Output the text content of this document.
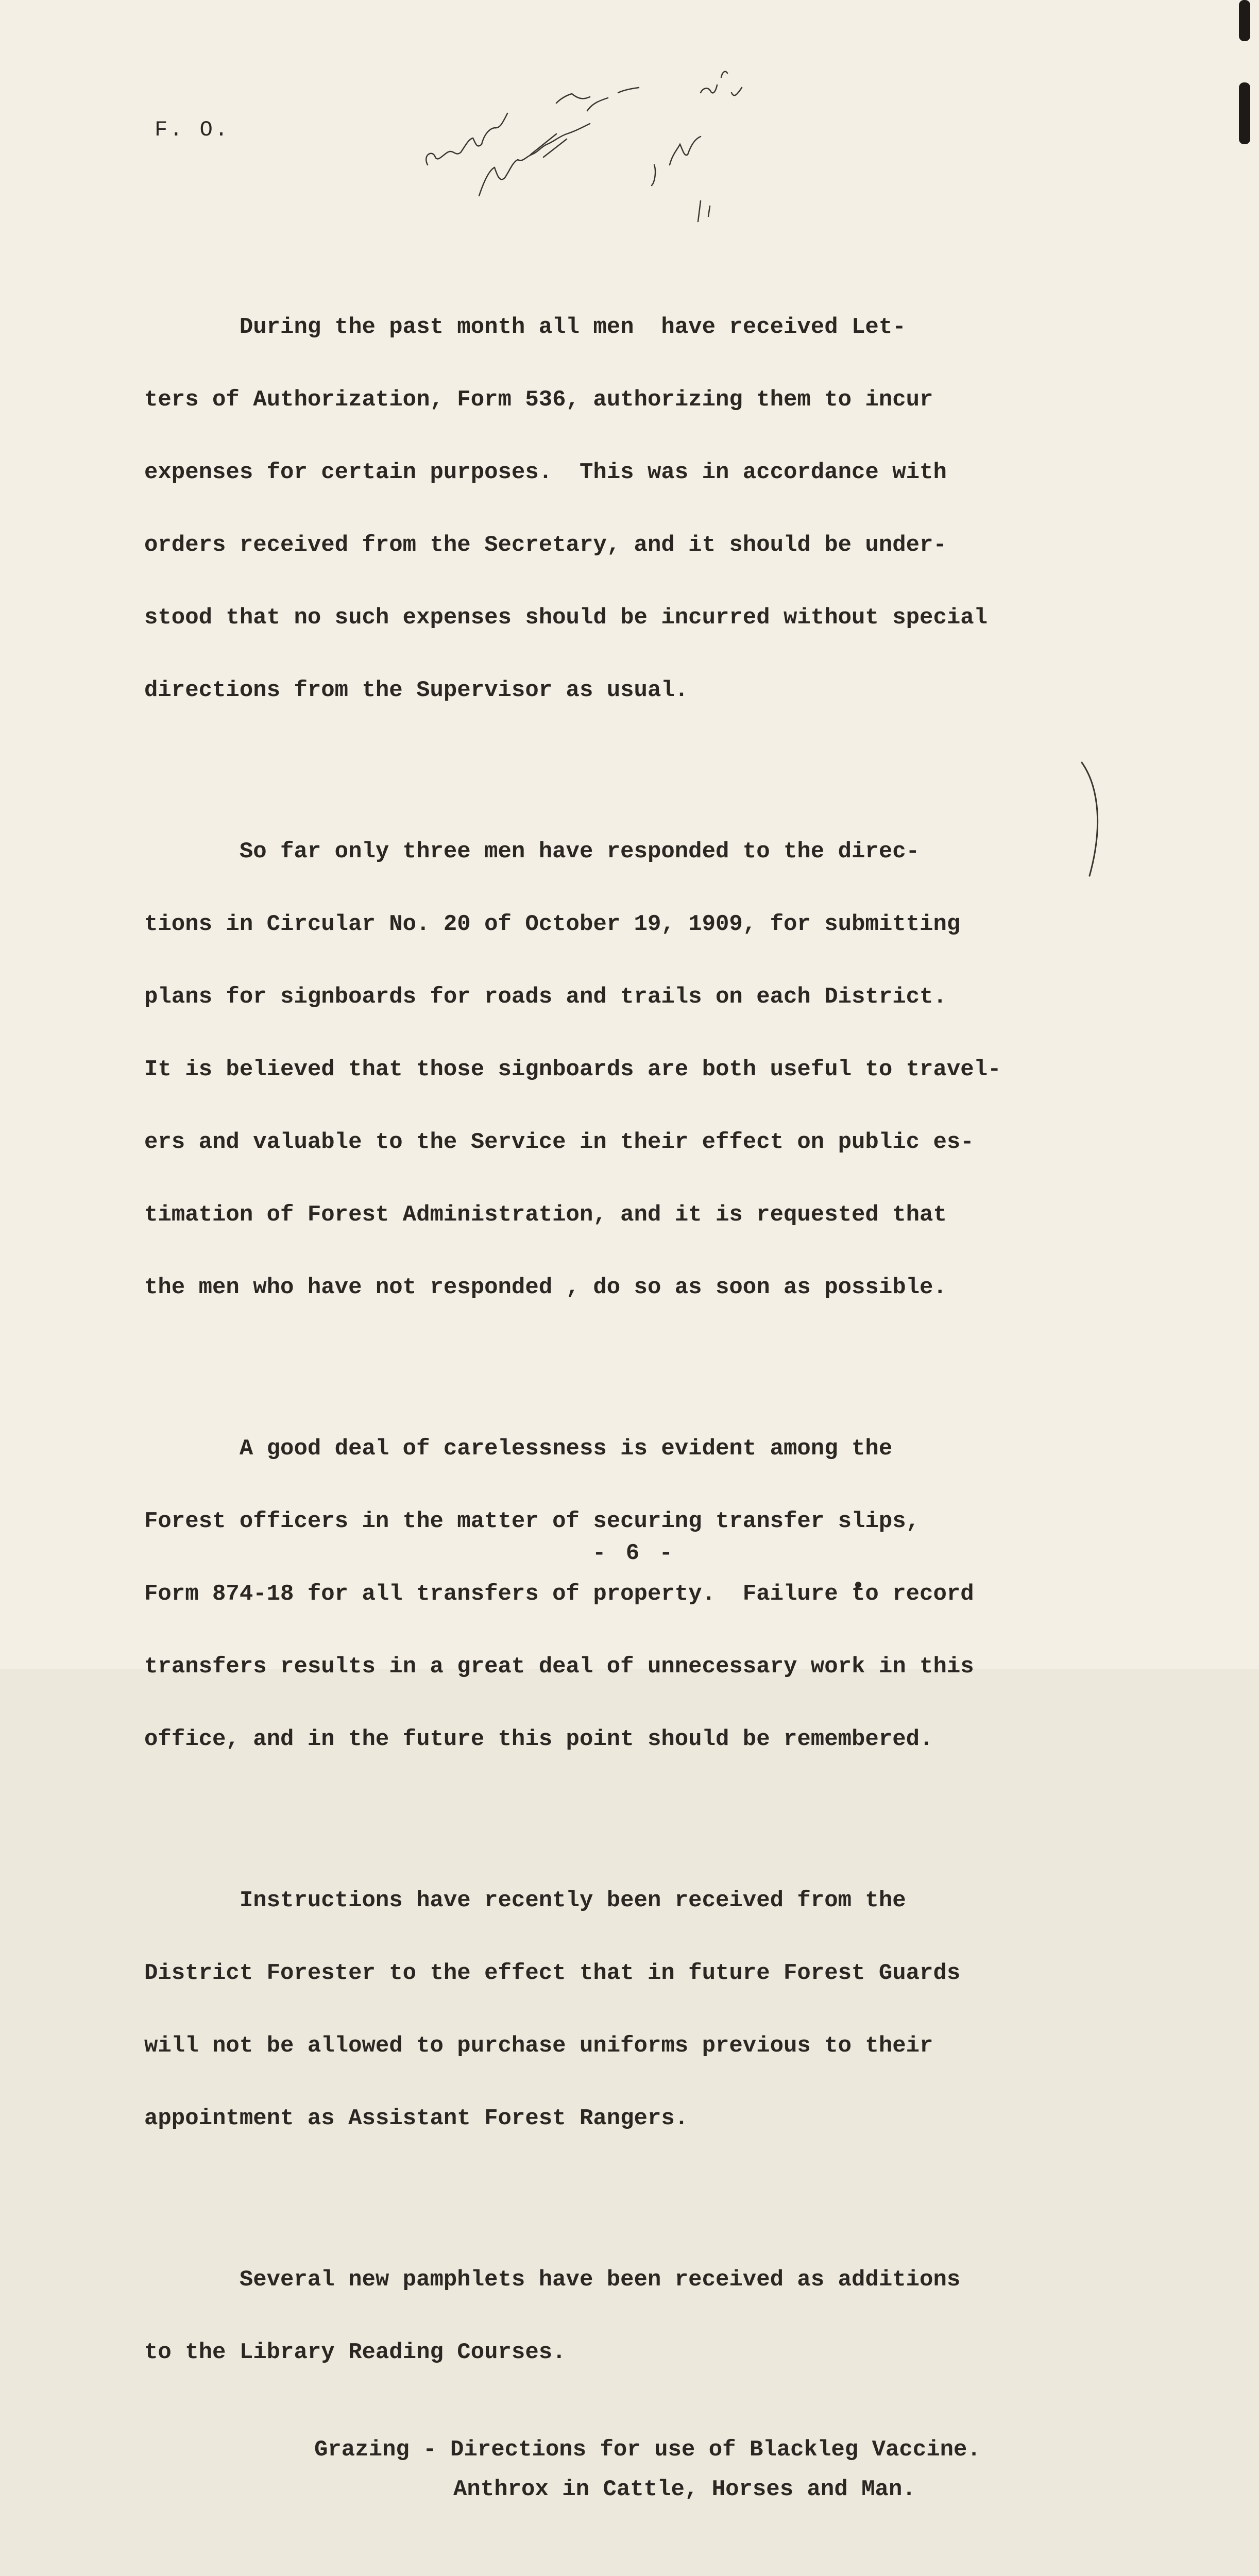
F. O.

During the past month all men  have received Let-

ters of Authorization, Form 536, authorizing them to incur

expenses for certain purposes.  This was in accordance with

orders received from the Secretary, and it should be under-

stood that no such expenses should be incurred without special

directions from the Supervisor as usual.

So far only three men have responded to the direc-

tions in Circular No. 20 of October 19, 1909, for submitting

plans for signboards for roads and trails on each District.

It is believed that those signboards are both useful to travel-

ers and valuable to the Service in their effect on public es-

timation of Forest Administration, and it is requested that

the men who have not responded , do so as soon as possible.

A good deal of carelessness is evident among the

Forest officers in the matter of securing transfer slips,

Form 874-18 for all transfers of property.  Failure to record

transfers results in a great deal of unnecessary work in this

office, and in the future this point should be remembered.

Instructions have recently been received from the

District Forester to the effect that in future Forest Guards

will not be allowed to purchase uniforms previous to their

appointment as Assistant Forest Rangers.

Several new pamphlets have been received as additions

to the Library Reading Courses.

Grazing - Directions for use of Blackleg Vaccine.
Anthrox in Cattle, Horses and Man.

- 6 -
